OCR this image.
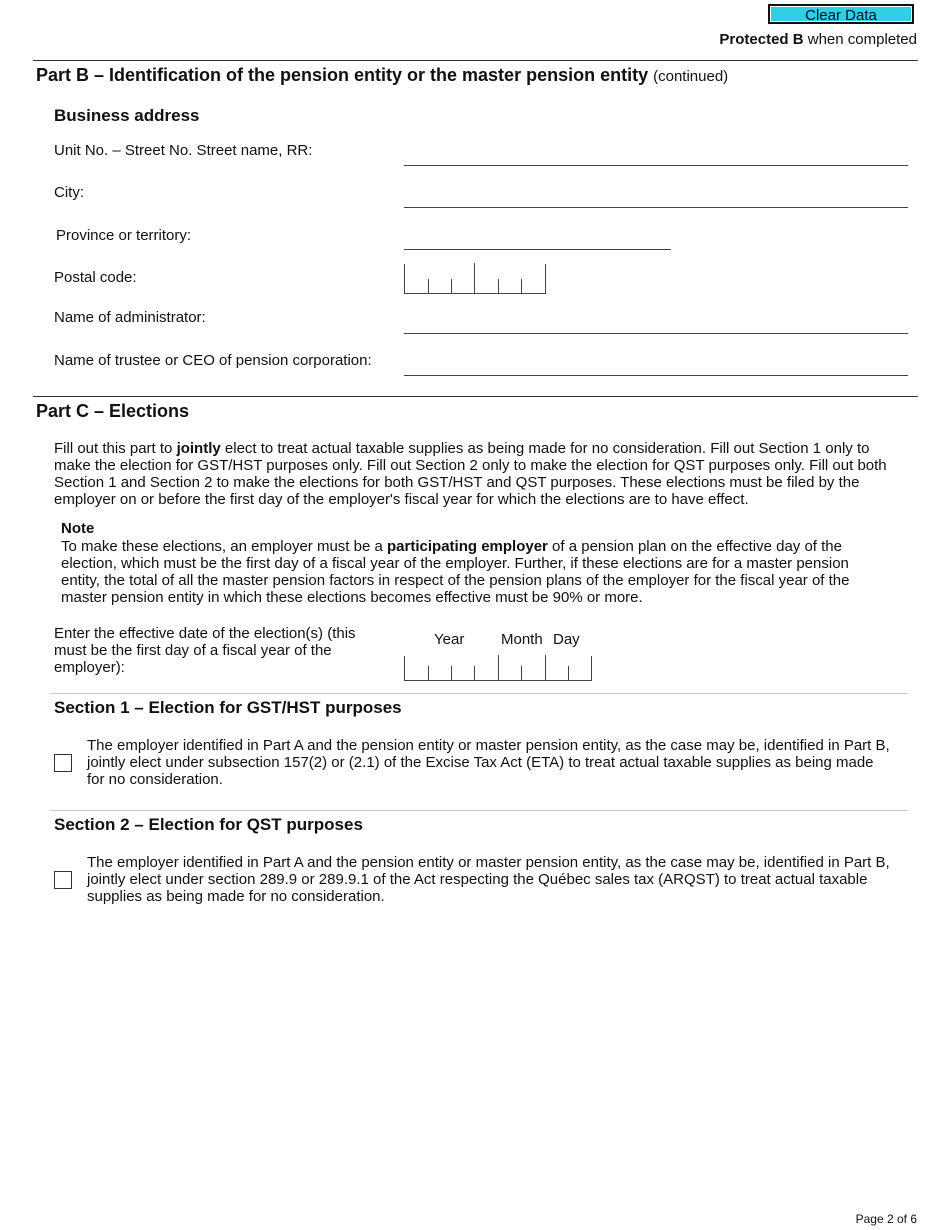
Clear Data
Protected B when completed
Part B – Identification of the pension entity or the master pension entity (continued)
Business address
Unit No. – Street No. Street name, RR:
City:
Province or territory:
Postal code:
Name of administrator:
Name of trustee or CEO of pension corporation:
Part C – Elections
Fill out this part to jointly elect to treat actual taxable supplies as being made for no consideration. Fill out Section 1 only to make the election for GST/HST purposes only. Fill out Section 2 only to make the election for QST purposes only. Fill out both Section 1 and Section 2 to make the elections for both GST/HST and QST purposes. These elections must be filed by the employer on or before the first day of the employer's fiscal year for which the elections are to have effect.
Note
To make these elections, an employer must be a participating employer of a pension plan on the effective day of the election, which must be the first day of a fiscal year of the employer. Further, if these elections are for a master pension entity, the total of all the master pension factors in respect of the pension plans of the employer for the fiscal year of the master pension entity in which these elections becomes effective must be 90% or more.
Enter the effective date of the election(s) (this must be the first day of a fiscal year of the employer):
Year Month Day
Section 1 – Election for GST/HST purposes
The employer identified in Part A and the pension entity or master pension entity, as the case may be, identified in Part B, jointly elect under subsection 157(2) or (2.1) of the Excise Tax Act (ETA) to treat actual taxable supplies as being made for no consideration.
Section 2 – Election for QST purposes
The employer identified in Part A and the pension entity or master pension entity, as the case may be, identified in Part B, jointly elect under section 289.9 or 289.9.1 of the Act respecting the Québec sales tax (ARQST) to treat actual taxable supplies as being made for no consideration.
Page 2 of 6
